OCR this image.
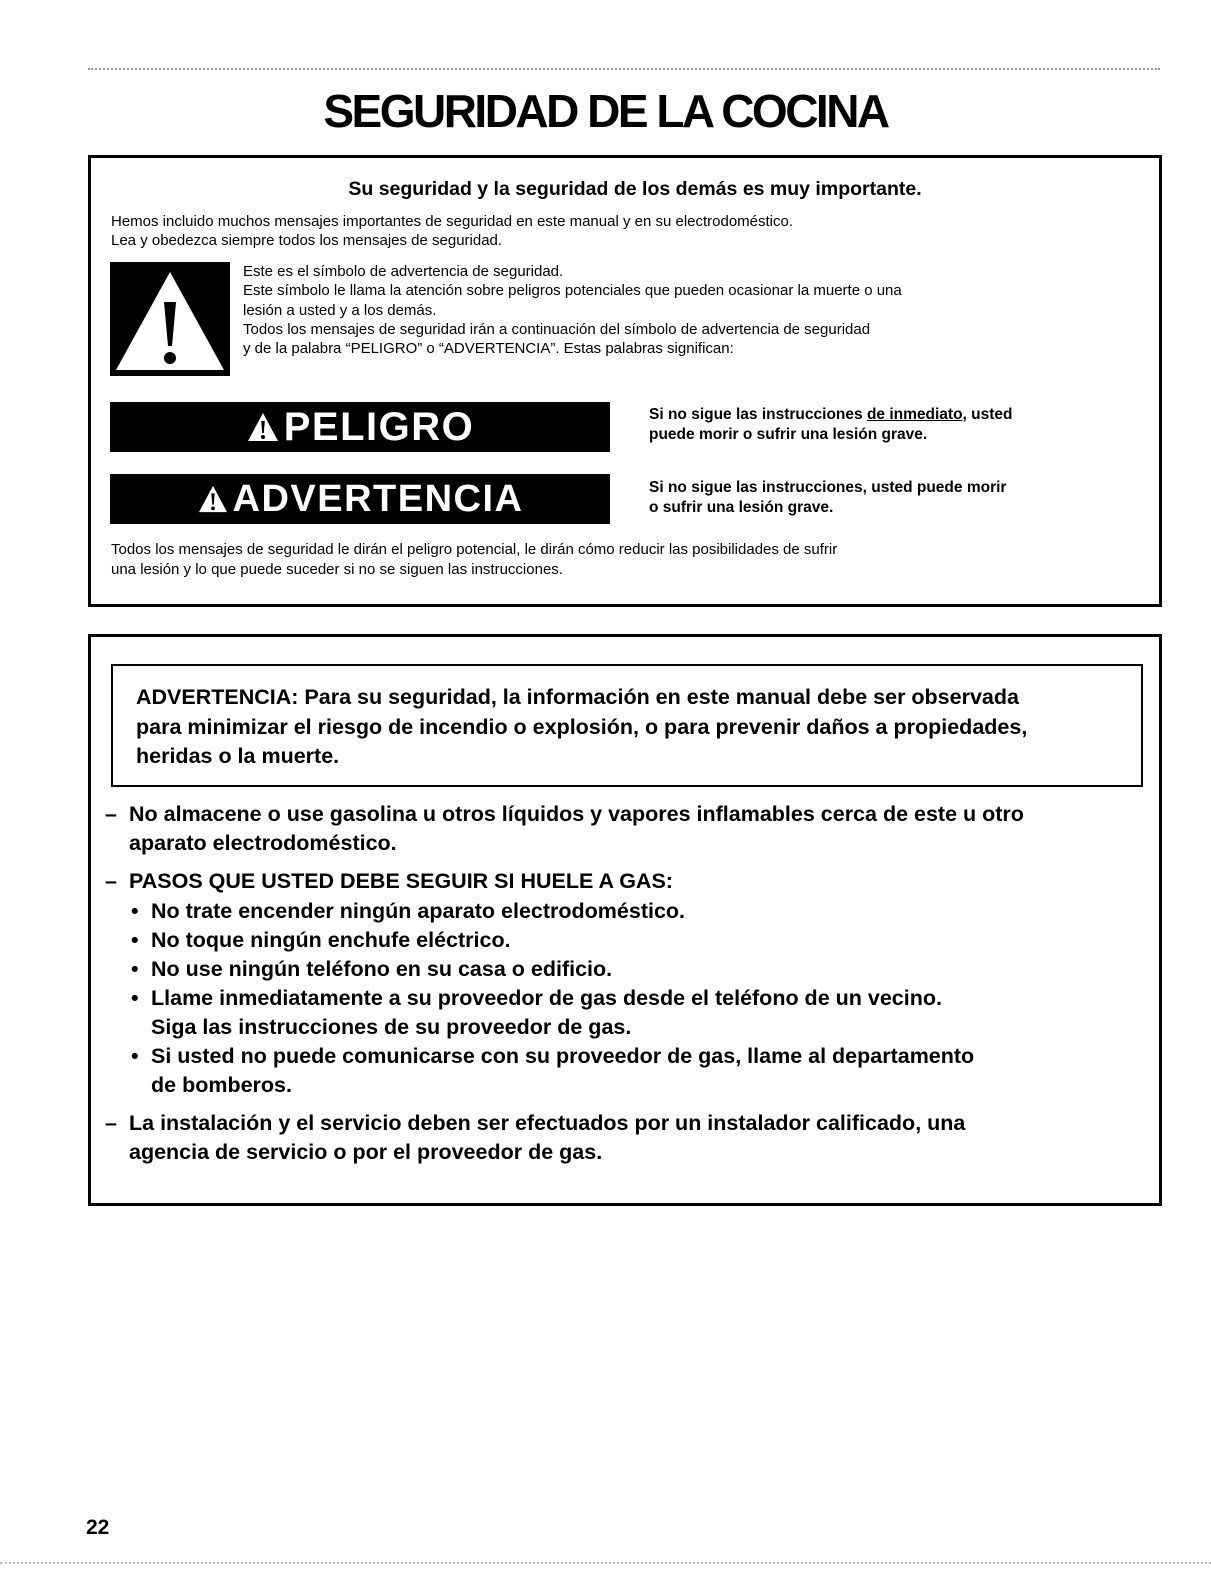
SEGURIDAD DE LA COCINA
Su seguridad y la seguridad de los demás es muy importante.
Hemos incluido muchos mensajes importantes de seguridad en este manual y en su electrodoméstico.
Lea y obedezca siempre todos los mensajes de seguridad.
Este es el símbolo de advertencia de seguridad.
Este símbolo le llama la atención sobre peligros potenciales que pueden ocasionar la muerte o una
lesión a usted y a los demás.
Todos los mensajes de seguridad irán a continuación del símbolo de advertencia de seguridad
y de la palabra “PELIGRO” o “ADVERTENCIA”. Estas palabras significan:
PELIGRO	Si no sigue las instrucciones de inmediato, usted
puede morir o sufrir una lesión grave.
ADVERTENCIA	Si no sigue las instrucciones, usted puede morir
o sufrir una lesión grave.
Todos los mensajes de seguridad le dirán el peligro potencial, le dirán cómo reducir las posibilidades de sufrir
una lesión y lo que puede suceder si no se siguen las instrucciones.
ADVERTENCIA: Para su seguridad, la información en este manual debe ser observada
para minimizar el riesgo de incendio o explosión, o para prevenir daños a propiedades,
heridas o la muerte.
– No almacene o use gasolina u otros líquidos y vapores inflamables cerca de este u otro
aparato electrodoméstico.
– PASOS QUE USTED DEBE SEGUIR SI HUELE A GAS:
• No trate encender ningún aparato electrodoméstico.
• No toque ningún enchufe eléctrico.
• No use ningún teléfono en su casa o edificio.
• Llame inmediatamente a su proveedor de gas desde el teléfono de un vecino.
Siga las instrucciones de su proveedor de gas.
• Si usted no puede comunicarse con su proveedor de gas, llame al departamento
de bomberos.
– La instalación y el servicio deben ser efectuados por un instalador calificado, una
agencia de servicio o por el proveedor de gas.
22
